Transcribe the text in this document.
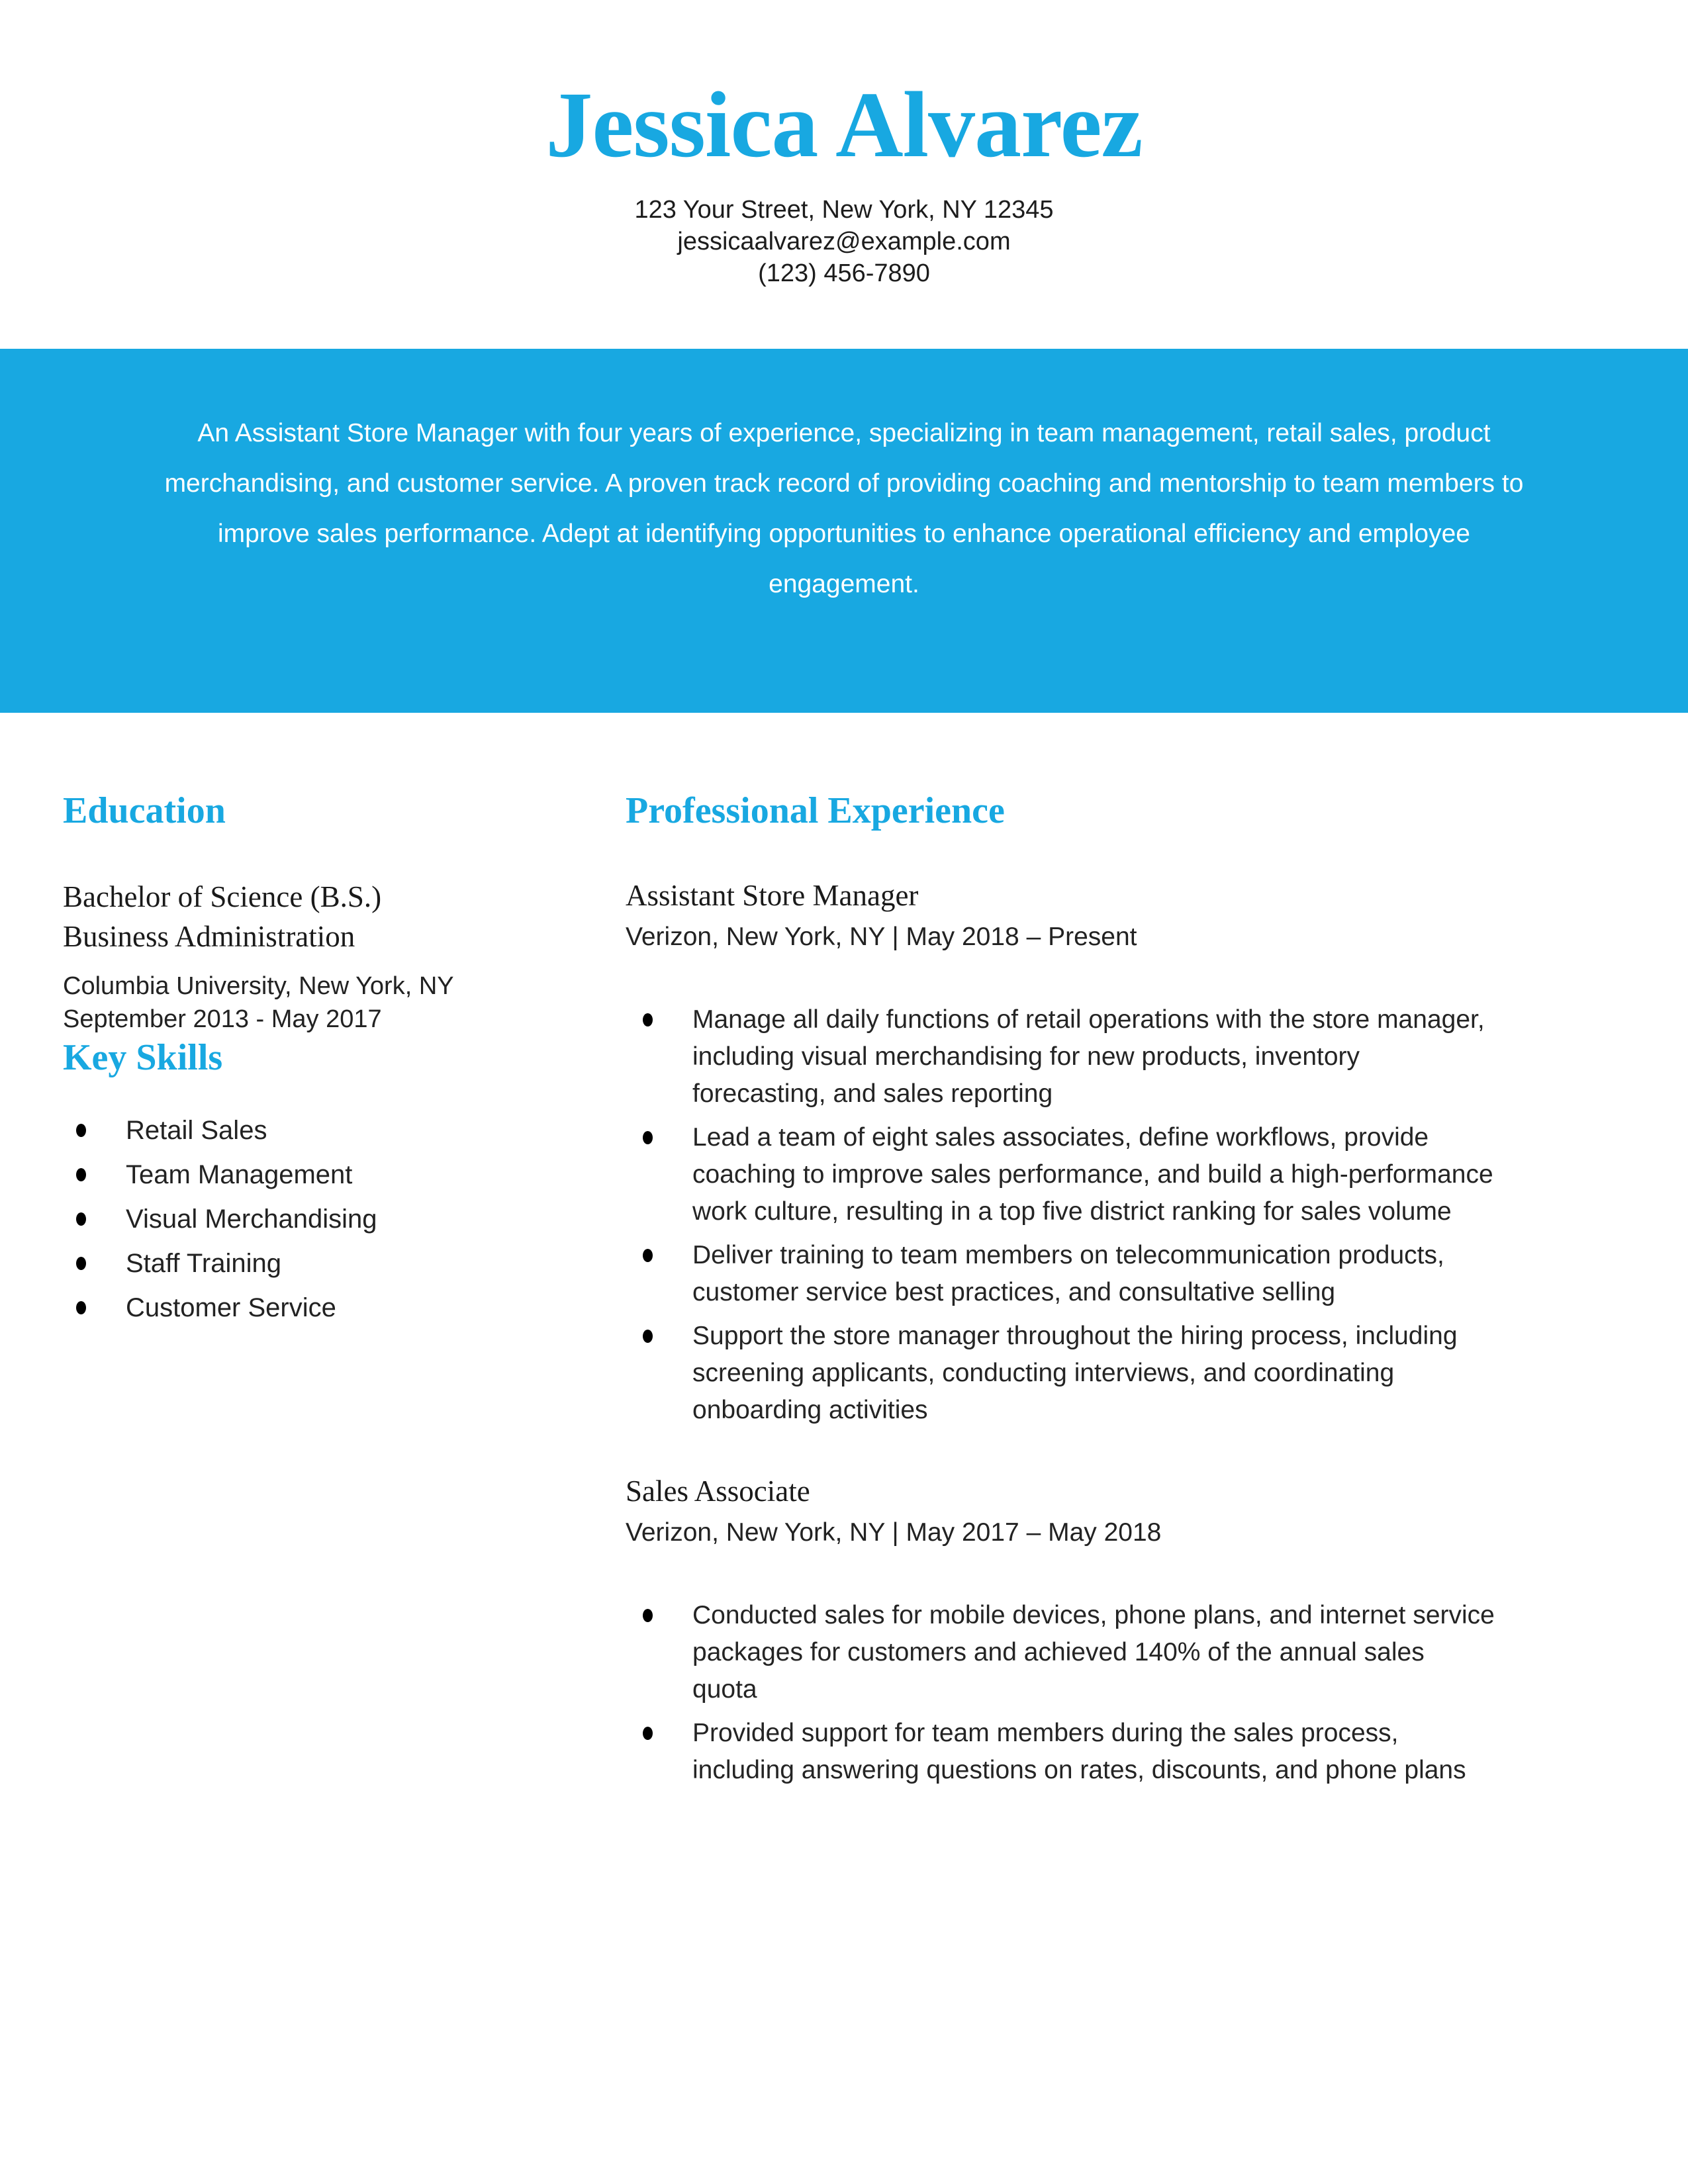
Jessica Alvarez
123 Your Street, New York, NY 12345
jessicaalvarez@example.com
(123) 456-7890

An Assistant Store Manager with four years of experience, specializing in team management, retail sales, product merchandising, and customer service. A proven track record of providing coaching and mentorship to team members to improve sales performance. Adept at identifying opportunities to enhance operational efficiency and employee engagement.

Education
Bachelor of Science (B.S.)
Business Administration
Columbia University, New York, NY
September 2013 - May 2017
Key Skills
Retail Sales
Team Management
Visual Merchandising
Staff Training
Customer Service
Professional Experience
Assistant Store Manager
Verizon, New York, NY | May 2018 – Present
Manage all daily functions of retail operations with the store manager, including visual merchandising for new products, inventory forecasting, and sales reporting
Lead a team of eight sales associates, define workflows, provide coaching to improve sales performance, and build a high-performance work culture, resulting in a top five district ranking for sales volume
Deliver training to team members on telecommunication products, customer service best practices, and consultative selling
Support the store manager throughout the hiring process, including screening applicants, conducting interviews, and coordinating onboarding activities
Sales Associate
Verizon, New York, NY | May 2017 – May 2018
Conducted sales for mobile devices, phone plans, and internet service packages for customers and achieved 140% of the annual sales quota
Provided support for team members during the sales process, including answering questions on rates, discounts, and phone plans
